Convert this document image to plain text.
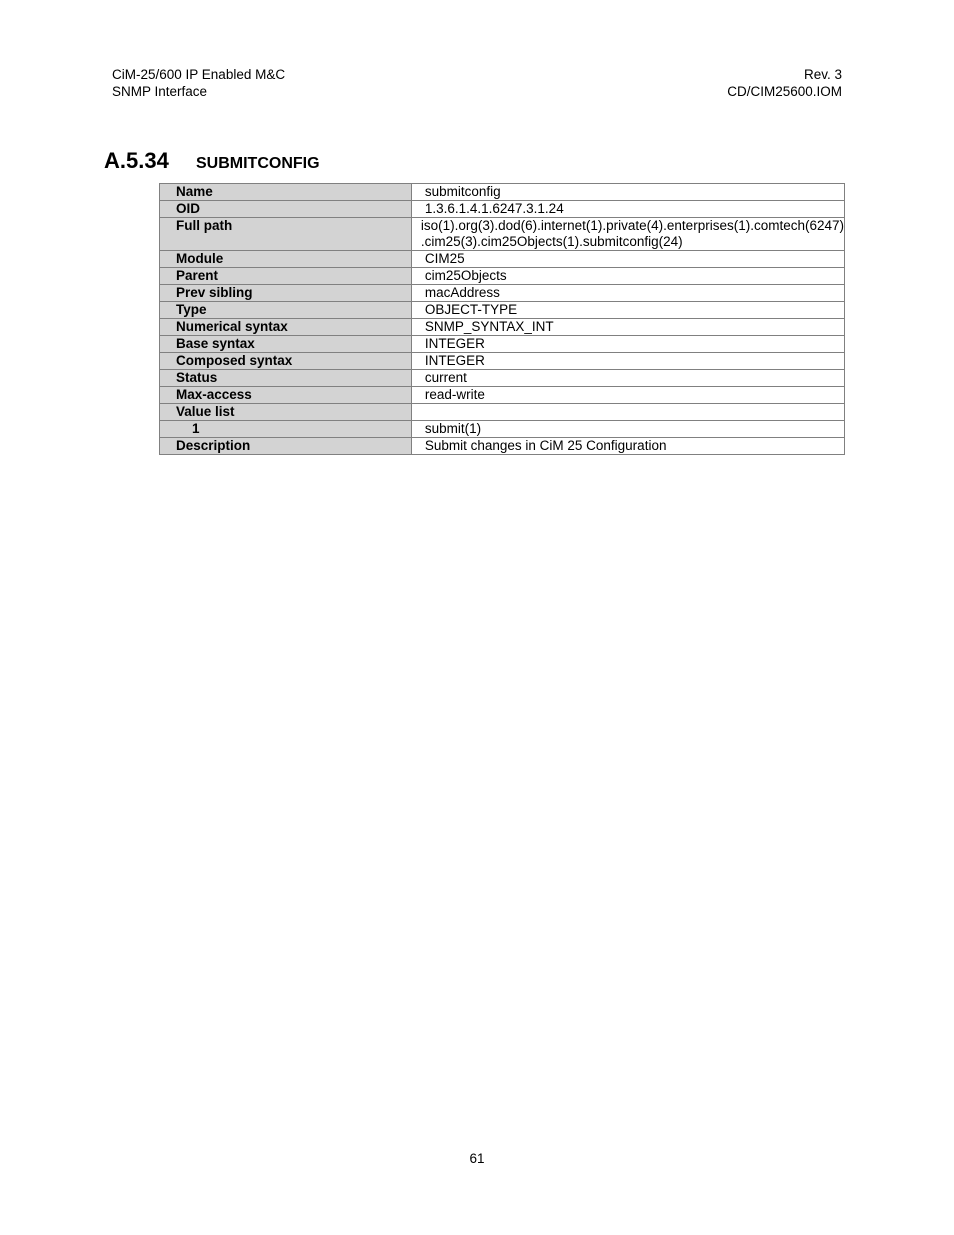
CiM-25/600 IP Enabled M&C
SNMP Interface
Rev. 3
CD/CIM25600.IOM
A.5.34 SUBMITCONFIG
Name	submitconfig
OID	1.3.6.1.4.1.6247.3.1.24
Full path	iso(1).org(3).dod(6).internet(1).private(4).enterprises(1).comtech(6247)
.cim25(3).cim25Objects(1).submitconfig(24)

Module	CIM25
Parent	cim25Objects
Prev sibling	macAddress
Type	OBJECT-TYPE
Numerical syntax	SNMP_SYNTAX_INT
Base syntax	INTEGER
Composed syntax	INTEGER
Status	current
Max-access	read-write
Value list	
1	submit(1)
Description	Submit changes in CiM 25 Configuration
61
